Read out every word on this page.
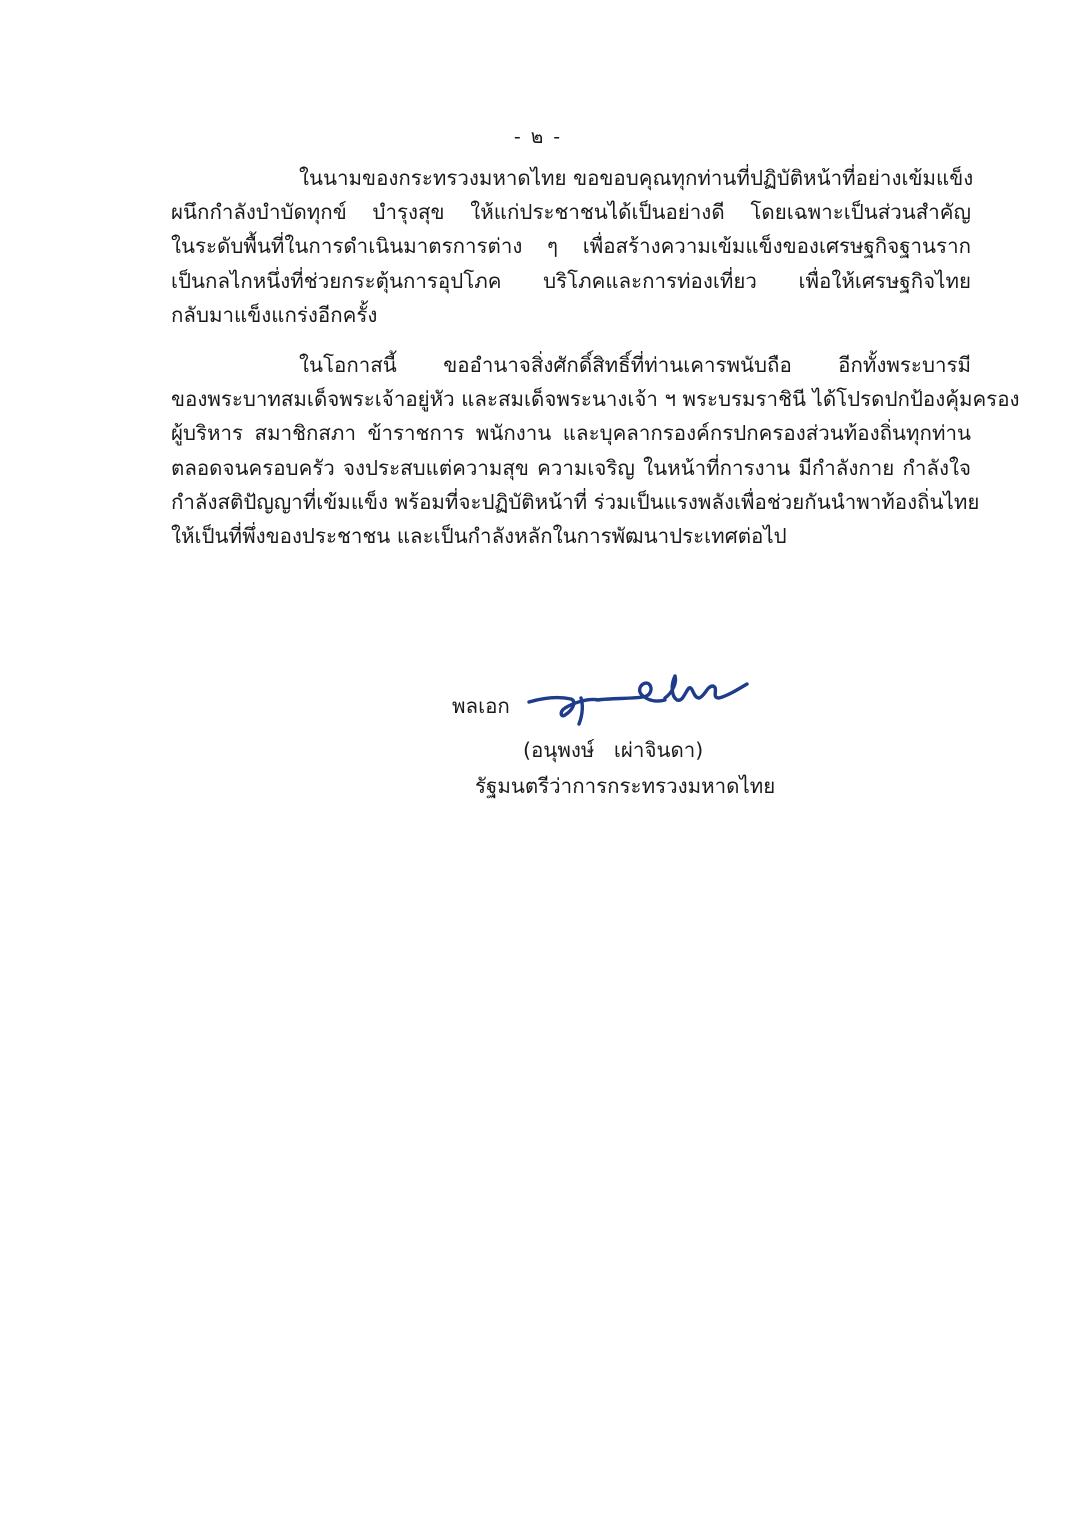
- ๒ -
ในนามของกระทรวงมหาดไทย ขอขอบคุณทุกท่านที่ปฏิบัติหน้าที่อย่างเข้มแข็ง
ผนึกกำลังบำบัดทุกข์ บำรุงสุข ให้แก่ประชาชนได้เป็นอย่างดี โดยเฉพาะเป็นส่วนสำคัญ
ในระดับพื้นที่ในการดำเนินมาตรการต่าง ๆ เพื่อสร้างความเข้มแข็งของเศรษฐกิจฐานราก
เป็นกลไกหนึ่งที่ช่วยกระตุ้นการอุปโภค บริโภคและการท่องเที่ยว เพื่อให้เศรษฐกิจไทย
กลับมาแข็งแกร่งอีกครั้ง
ในโอกาสนี้ ขออำนาจสิ่งศักดิ์สิทธิ์ที่ท่านเคารพนับถือ อีกทั้งพระบารมี
ของพระบาทสมเด็จพระเจ้าอยู่หัว และสมเด็จพระนางเจ้า ฯ พระบรมราชินี ได้โปรดปกป้องคุ้มครอง
ผู้บริหาร สมาชิกสภา ข้าราชการ พนักงาน และบุคลากรองค์กรปกครองส่วนท้องถิ่นทุกท่าน
ตลอดจนครอบครัว จงประสบแต่ความสุข ความเจริญ ในหน้าที่การงาน มีกำลังกาย กำลังใจ
กำลังสติปัญญาที่เข้มแข็ง พร้อมที่จะปฏิบัติหน้าที่ ร่วมเป็นแรงพลังเพื่อช่วยกันนำพาท้องถิ่นไทย
ให้เป็นที่พึ่งของประชาชน และเป็นกำลังหลักในการพัฒนาประเทศต่อไป
พลเอก
(อนุพงษ์   เผ่าจินดา)
รัฐมนตรีว่าการกระทรวงมหาดไทย
